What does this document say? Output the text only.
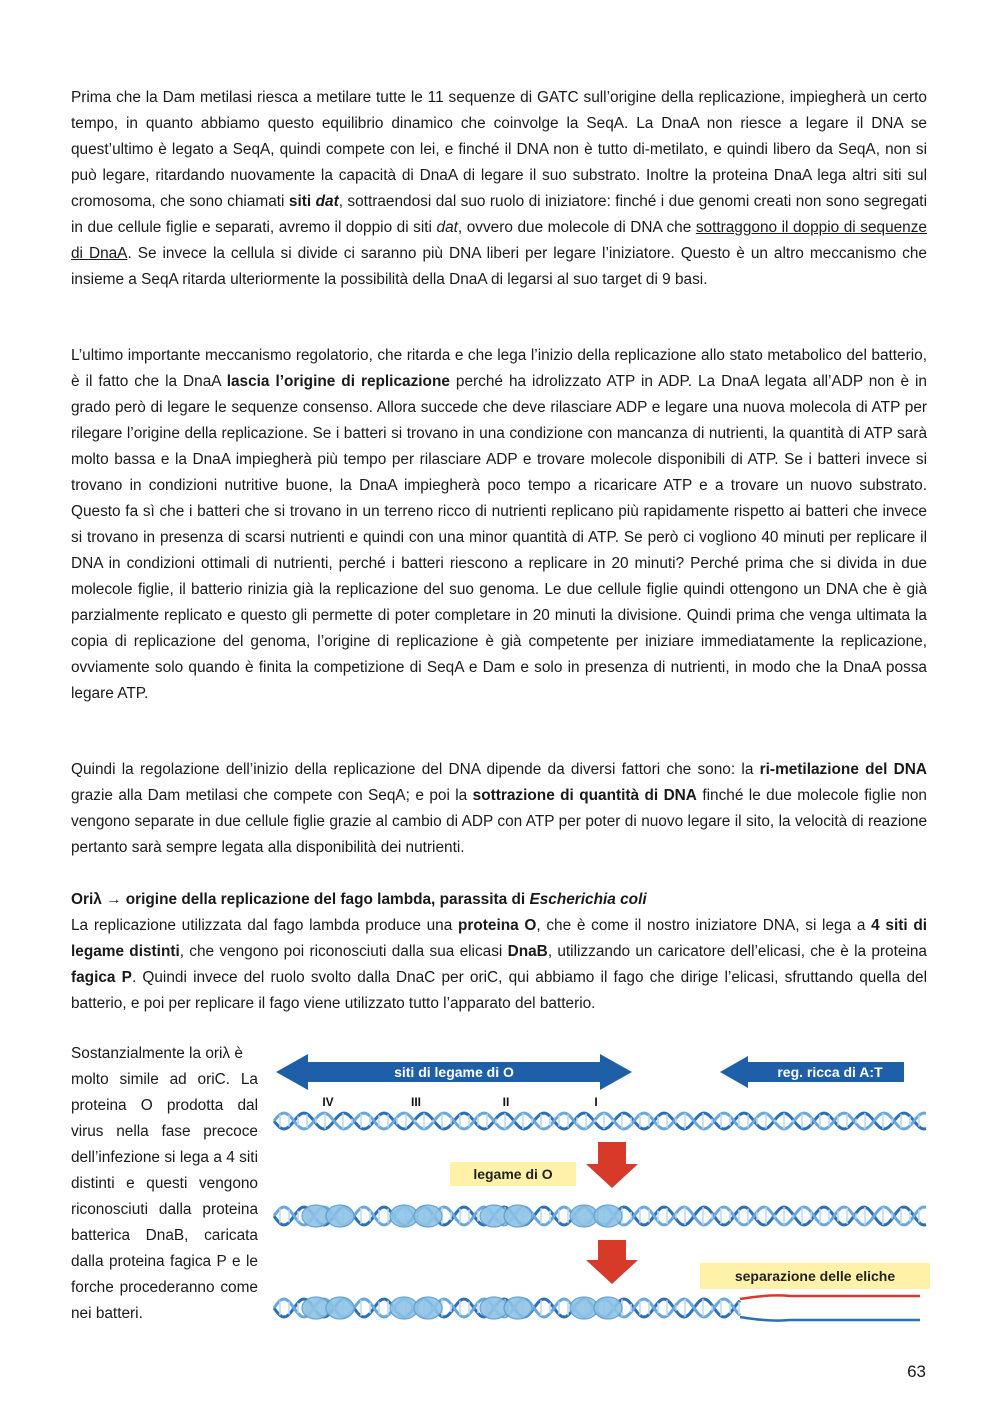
Prima che la Dam metilasi riesca a metilare tutte le 11 sequenze di GATC sull’origine della replicazione, impiegherà un certo tempo, in quanto abbiamo questo equilibrio dinamico che coinvolge la SeqA. La DnaA non riesce a legare il DNA se quest’ultimo è legato a SeqA, quindi compete con lei, e finché il DNA non è tutto di-metilato, e quindi libero da SeqA, non si può legare, ritardando nuovamente la capacità di DnaA di legare il suo substrato. Inoltre la proteina DnaA lega altri siti sul cromosoma, che sono chiamati siti dat, sottraendosi dal suo ruolo di iniziatore: finché i due genomi creati non sono segregati in due cellule figlie e separati, avremo il doppio di siti dat, ovvero due molecole di DNA che sottraggono il doppio di sequenze di DnaA. Se invece la cellula si divide ci saranno più DNA liberi per legare l’iniziatore. Questo è un altro meccanismo che insieme a SeqA ritarda ulteriormente la possibilità della DnaA di legarsi al suo target di 9 basi.

L’ultimo importante meccanismo regolatorio, che ritarda e che lega l’inizio della replicazione allo stato metabolico del batterio, è il fatto che la DnaA lascia l’origine di replicazione perché ha idrolizzato ATP in ADP. La DnaA legata all’ADP non è in grado però di legare le sequenze consenso. Allora succede che deve rilasciare ADP e legare una nuova molecola di ATP per rilegare l’origine della replicazione. Se i batteri si trovano in una condizione con mancanza di nutrienti, la quantità di ATP sarà molto bassa e la DnaA impiegherà più tempo per rilasciare ADP e trovare molecole disponibili di ATP. Se i batteri invece si trovano in condizioni nutritive buone, la DnaA impiegherà poco tempo a ricaricare ATP e a trovare un nuovo substrato. Questo fa sì che i batteri che si trovano in un terreno ricco di nutrienti replicano più rapidamente rispetto ai batteri che invece si trovano in presenza di scarsi nutrienti e quindi con una minor quantità di ATP. Se però ci vogliono 40 minuti per replicare il DNA in condizioni ottimali di nutrienti, perché i batteri riescono a replicare in 20 minuti? Perché prima che si divida in due molecole figlie, il batterio rinizia già la replicazione del suo genoma. Le due cellule figlie quindi ottengono un DNA che è già parzialmente replicato e questo gli permette di poter completare in 20 minuti la divisione. Quindi prima che venga ultimata la copia di replicazione del genoma, l’origine di replicazione è già competente per iniziare immediatamente la replicazione, ovviamente solo quando è finita la competizione di SeqA e Dam e solo in presenza di nutrienti, in modo che la DnaA possa legare ATP.

Quindi la regolazione dell’inizio della replicazione del DNA dipende da diversi fattori che sono: la ri-metilazione del DNA grazie alla Dam metilasi che compete con SeqA; e poi la sottrazione di quantità di DNA finché le due molecole figlie non vengono separate in due cellule figlie grazie al cambio di ADP con ATP per poter di nuovo legare il sito, la velocità di reazione pertanto sarà sempre legata alla disponibilità dei nutrienti.

Oriλ → origine della replicazione del fago lambda, parassita di Escherichia coli

La replicazione utilizzata dal fago lambda produce una proteina O, che è come il nostro iniziatore DNA, si lega a 4 siti di legame distinti, che vengono poi riconosciuti dalla sua elicasi DnaB, utilizzando un caricatore dell’elicasi, che è la proteina fagica P. Quindi invece del ruolo svolto dalla DnaC per oriC, qui abbiamo il fago che dirige l’elicasi, sfruttando quella del batterio, e poi per replicare il fago viene utilizzato tutto l’apparato del batterio.

Sostanzialmente la oriλ è
molto simile ad oriC. La proteina O prodotta dal virus nella fase precoce dell’infezione si lega a 4 siti distinti e questi vengono riconosciuti dalla proteina batterica DnaB, caricata dalla proteina fagica P e le forche procederanno come nei batteri.
siti di legame di O	reg. ricca di A:T
IV	III	II	I
legame di O
separazione delle eliche
63
